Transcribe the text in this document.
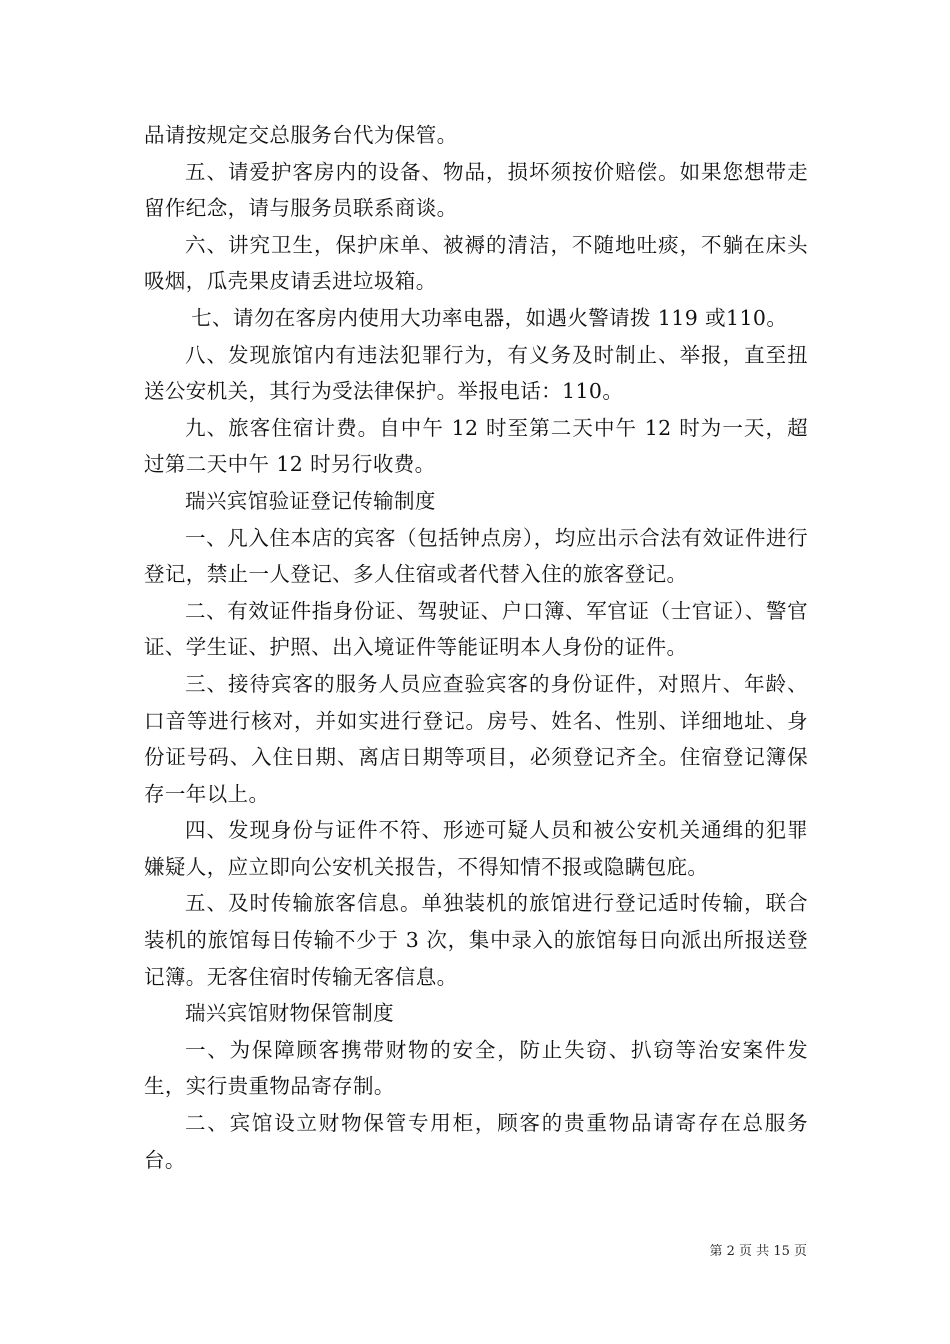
品请按规定交总服务台代为保管。

五、请爱护客房内的设备、物品，损坏须按价赔偿。如果您想带走留作纪念，请与服务员联系商谈。

六、讲究卫生，保护床单、被褥的清洁，不随地吐痰，不躺在床头吸烟，瓜壳果皮请丢进垃圾箱。

七、请勿在客房内使用大功率电器，如遇火警请拨 119 或110。

八、发现旅馆内有违法犯罪行为，有义务及时制止、举报，直至扭送公安机关，其行为受法律保护。举报电话：110。

九、旅客住宿计费。自中午 12 时至第二天中午 12 时为一天，超过第二天中午 12 时另行收费。

瑞兴宾馆验证登记传输制度

一、凡入住本店的宾客（包括钟点房），均应出示合法有效证件进行登记，禁止一人登记、多人住宿或者代替入住的旅客登记。

二、有效证件指身份证、驾驶证、户口簿、军官证（士官证）、警官证、学生证、护照、出入境证件等能证明本人身份的证件。

三、接待宾客的服务人员应查验宾客的身份证件，对照片、年龄、口音等进行核对，并如实进行登记。房号、姓名、性别、详细地址、身份证号码、入住日期、离店日期等项目，必须登记齐全。住宿登记簿保存一年以上。

四、发现身份与证件不符、形迹可疑人员和被公安机关通缉的犯罪嫌疑人，应立即向公安机关报告，不得知情不报或隐瞒包庇。

五、及时传输旅客信息。单独装机的旅馆进行登记适时传输，联合装机的旅馆每日传输不少于 3 次，集中录入的旅馆每日向派出所报送登记簿。无客住宿时传输无客信息。

瑞兴宾馆财物保管制度

一、为保障顾客携带财物的安全，防止失窃、扒窃等治安案件发生，实行贵重物品寄存制。

二、宾馆设立财物保管专用柜，顾客的贵重物品请寄存在总服务台。

第 2 页 共 15 页
